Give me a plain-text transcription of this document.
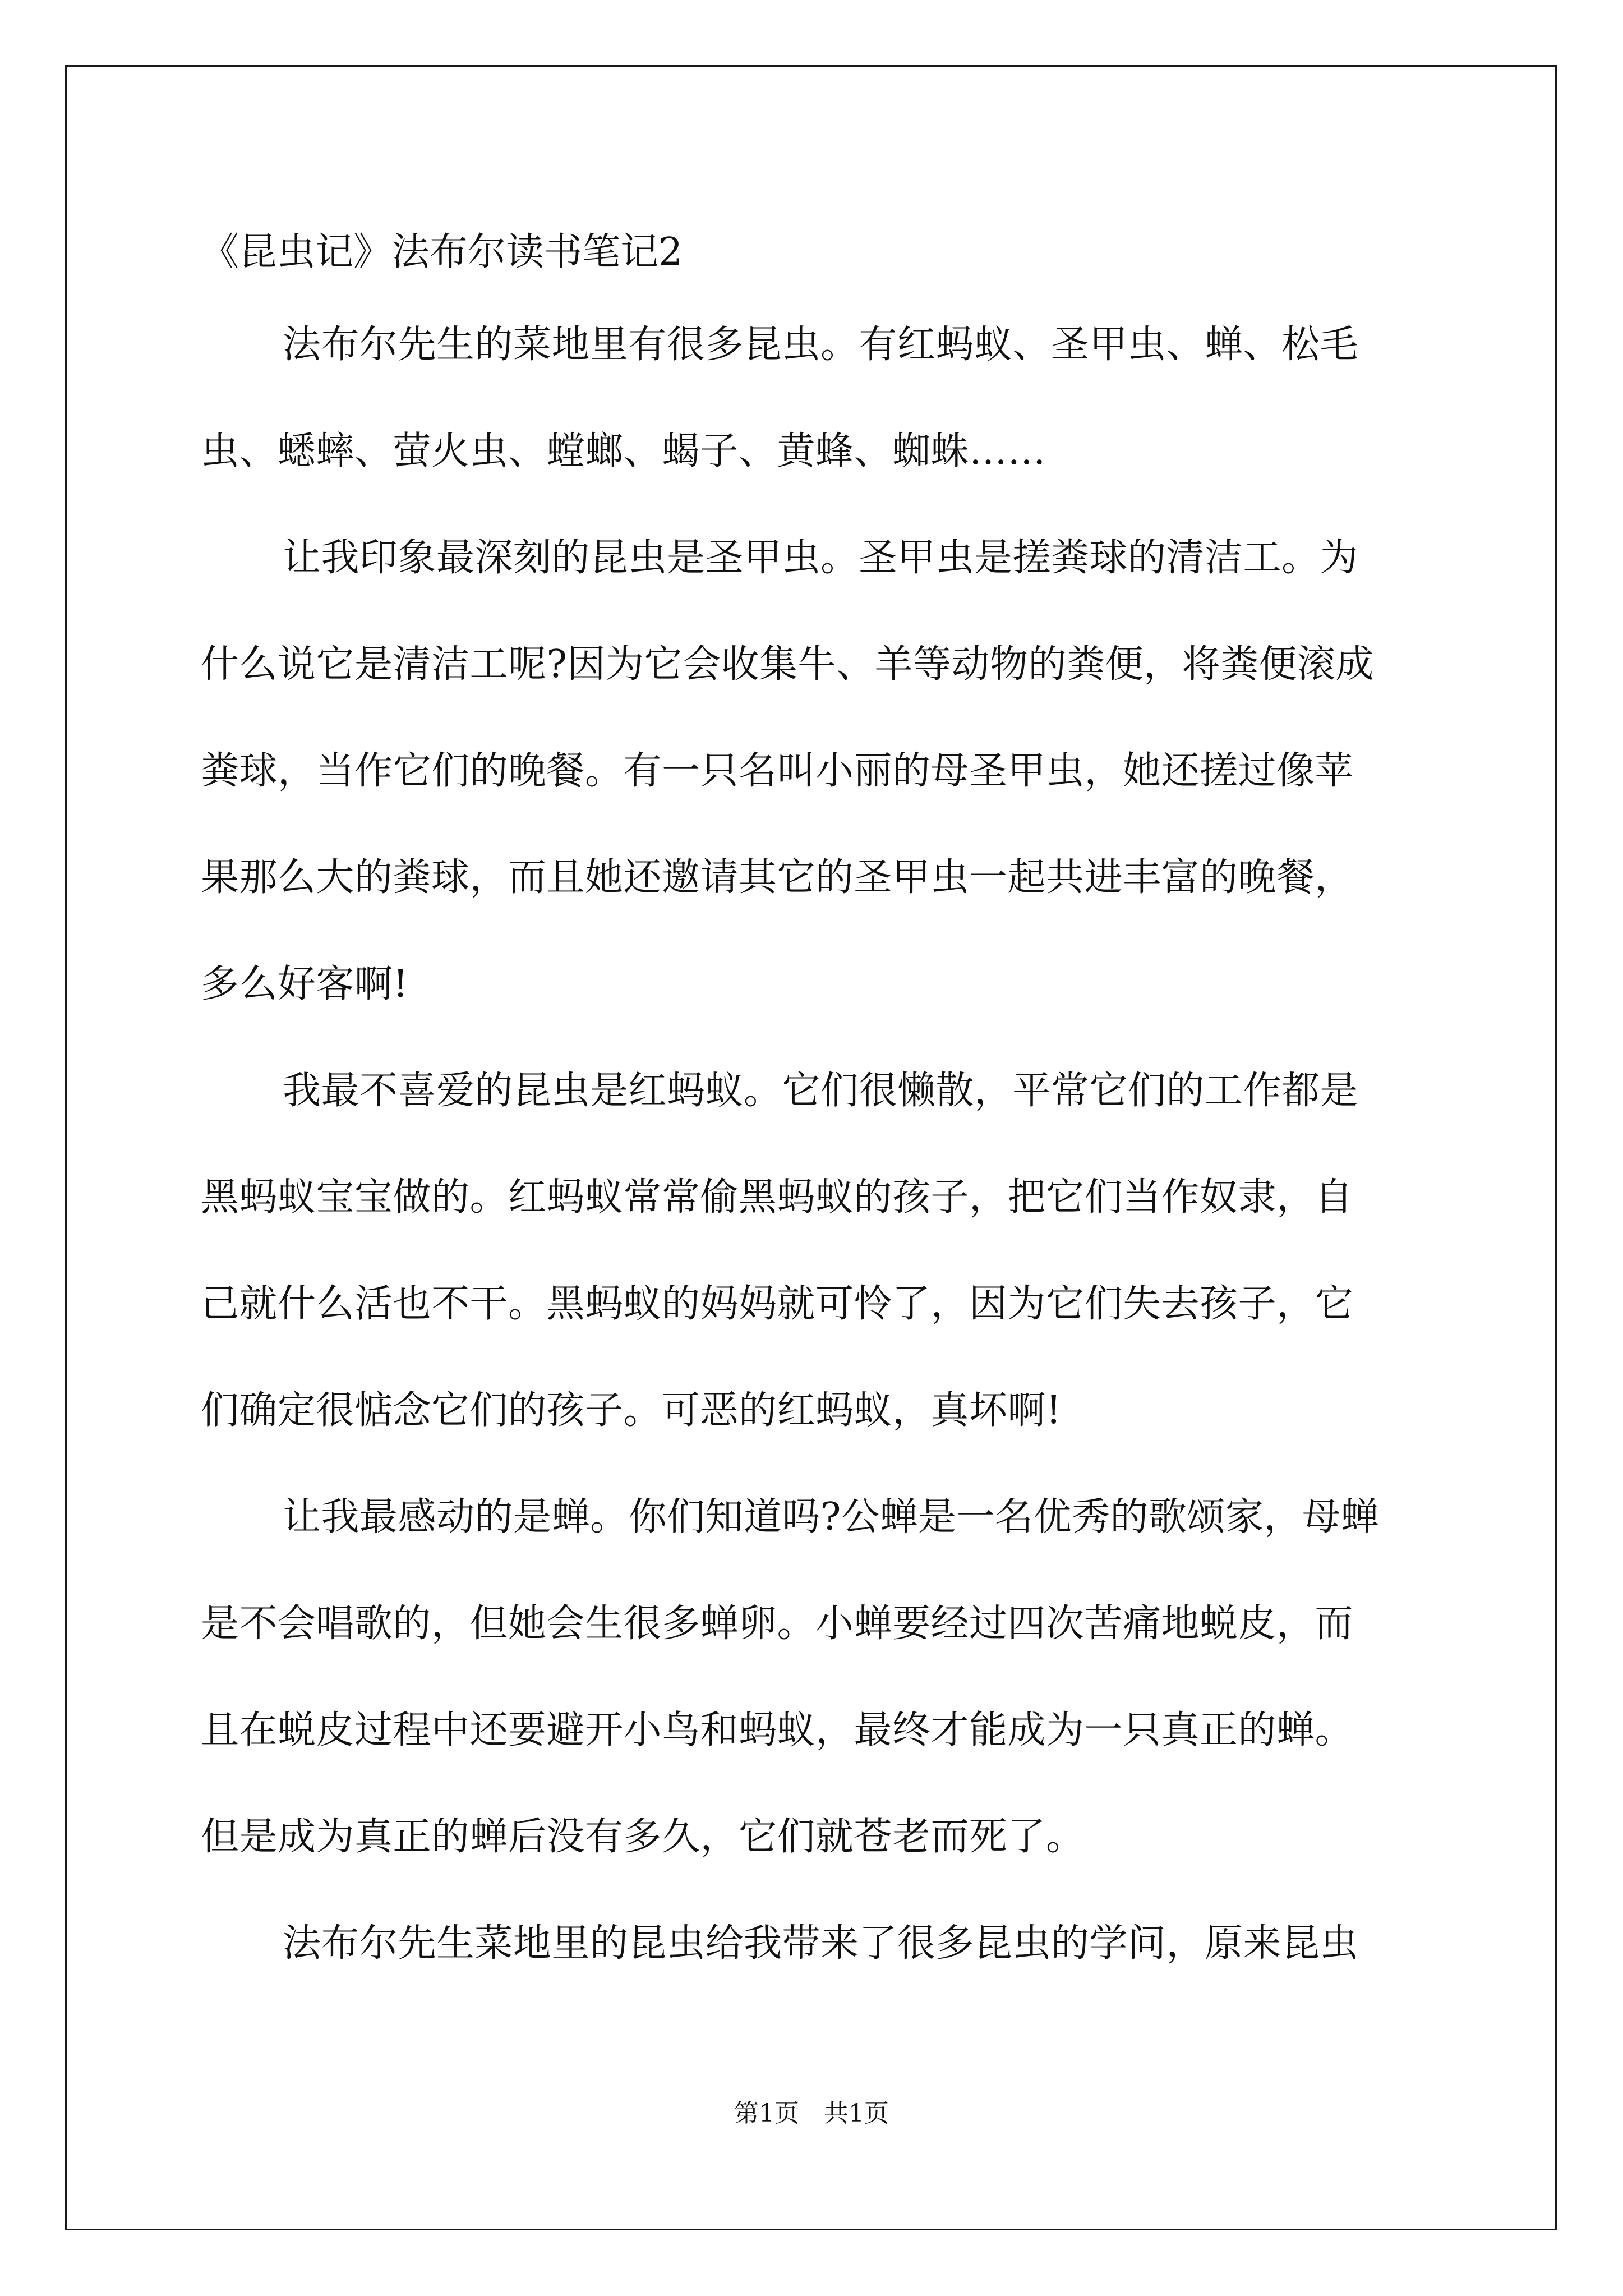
《昆虫记》法布尔读书笔记2
法布尔先生的菜地里有很多昆虫。有红蚂蚁、圣甲虫、蝉、松毛
虫、蟋蟀、萤火虫、螳螂、蝎子、黄蜂、蜘蛛……
让我印象最深刻的昆虫是圣甲虫。圣甲虫是搓粪球的清洁工。为
什么说它是清洁工呢?因为它会收集牛、羊等动物的粪便，将粪便滚成
粪球，当作它们的晚餐。有一只名叫小丽的母圣甲虫，她还搓过像苹
果那么大的粪球，而且她还邀请其它的圣甲虫一起共进丰富的晚餐，
多么好客啊!
我最不喜爱的昆虫是红蚂蚁。它们很懒散，平常它们的工作都是
黑蚂蚁宝宝做的。红蚂蚁常常偷黑蚂蚁的孩子，把它们当作奴隶，自
己就什么活也不干。黑蚂蚁的妈妈就可怜了，因为它们失去孩子，它
们确定很惦念它们的孩子。可恶的红蚂蚁，真坏啊!
让我最感动的是蝉。你们知道吗?公蝉是一名优秀的歌颂家，母蝉
是不会唱歌的，但她会生很多蝉卵。小蝉要经过四次苦痛地蜕皮，而
且在蜕皮过程中还要避开小鸟和蚂蚁，最终才能成为一只真正的蝉。
但是成为真正的蝉后没有多久，它们就苍老而死了。
法布尔先生菜地里的昆虫给我带来了很多昆虫的学问，原来昆虫
第1页　共1页
